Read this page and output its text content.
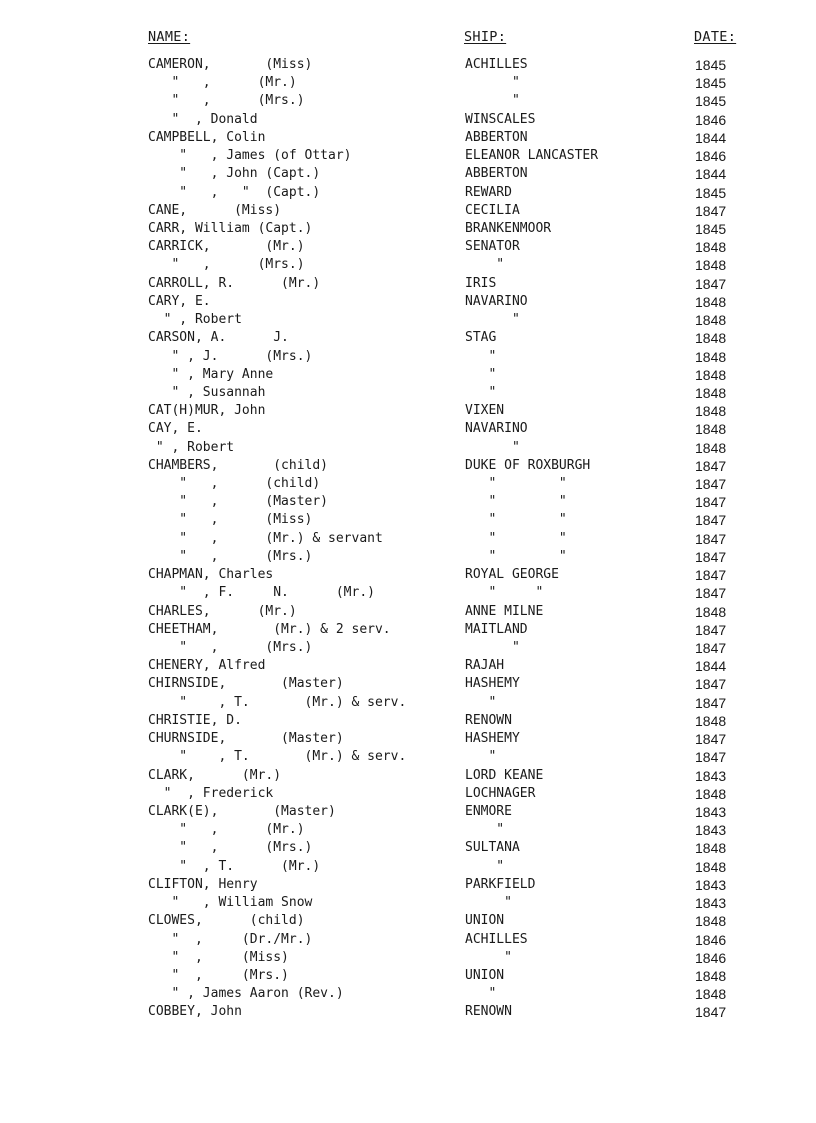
NAME:	SHIP:	DATE:
CAMERON,       (Miss)	ACHILLES	1845
"   ,      (Mr.)	"	1845
"   ,      (Mrs.)	"	1845
"  , Donald	WINSCALES	1846
CAMPBELL, Colin	ABBERTON	1844
"   , James (of Ottar)	ELEANOR LANCASTER	1846
"   , John (Capt.)	ABBERTON	1844
"   ,   "  (Capt.)	REWARD	1845
CANE,      (Miss)	CECILIA	1847
CARR, William (Capt.)	BRANKENMOOR	1845
CARRICK,       (Mr.)	SENATOR	1848
"   ,      (Mrs.)	"	1848
CARROLL, R.      (Mr.)	IRIS	1847
CARY, E.	NAVARINO	1848
" , Robert	"	1848
CARSON, A.      J.	STAG	1848
" , J.      (Mrs.)	"	1848
" , Mary Anne	"	1848
" , Susannah	"	1848
CAT(H)MUR, John	VIXEN	1848
CAY, E.	NAVARINO	1848
" , Robert	"	1848
CHAMBERS,       (child)	DUKE OF ROXBURGH	1847
"   ,      (child)	"        "	1847
"   ,      (Master)	"        "	1847
"   ,      (Miss)	"        "	1847
"   ,      (Mr.) & servant	"        "	1847
"   ,      (Mrs.)	"        "	1847
CHAPMAN, Charles	ROYAL GEORGE	1847
"  , F.     N.      (Mr.)	"     "	1847
CHARLES,      (Mr.)	ANNE MILNE	1848
CHEETHAM,       (Mr.) & 2 serv.	MAITLAND	1847
"   ,      (Mrs.)	"	1847
CHENERY, Alfred	RAJAH	1844
CHIRNSIDE,       (Master)	HASHEMY	1847
"    , T.       (Mr.) & serv.	"	1847
CHRISTIE, D.	RENOWN	1848
CHURNSIDE,       (Master)	HASHEMY	1847
"    , T.       (Mr.) & serv.	"	1847
CLARK,      (Mr.)	LORD KEANE	1843
"  , Frederick	LOCHNAGER	1848
CLARK(E),       (Master)	ENMORE	1843
"   ,      (Mr.)	"	1843
"   ,      (Mrs.)	SULTANA	1848
"  , T.      (Mr.)	"	1848
CLIFTON, Henry	PARKFIELD	1843
"   , William Snow	"	1843
CLOWES,      (child)	UNION	1848
"  ,     (Dr./Mr.)	ACHILLES	1846
"  ,     (Miss)	"	1846
"  ,     (Mrs.)	UNION	1848
" , James Aaron (Rev.)	"	1848
COBBEY, John	RENOWN	1847
